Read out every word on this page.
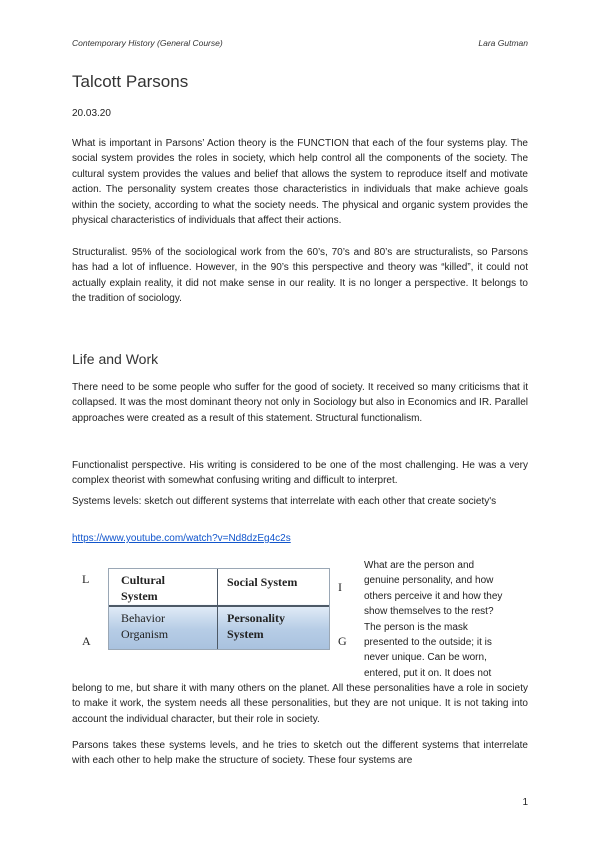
Contemporary History (General Course)	Lara Gutman
Talcott Parsons
20.03.20
What is important in Parsons’ Action theory is the FUNCTION that each of the four systems play. The social system provides the roles in society, which help control all the components of the society. The cultural system provides the values and belief that allows the system to reproduce itself and motivate action. The personality system creates those characteristics in individuals that make achieve goals within the society, according to what the society needs. The physical and organic system provides the physical characteristics of individuals that affect their actions.
Structuralist. 95% of the sociological work from the 60’s, 70’s and 80’s are structuralists, so Parsons has had a lot of influence. However, in the 90’s this perspective and theory was “killed”, it could not actually explain reality, it did not make sense in our reality. It is no longer a perspective. It belongs to the tradition of sociology.
Life and Work
There need to be some people who suffer for the good of society. It received so many criticisms that it collapsed. It was the most dominant theory not only in Sociology but also in Economics and IR. Parallel approaches were created as a result of this statement. Structural functionalism.
Functionalist perspective. His writing is considered to be one of the most challenging. He was a very complex theorist with somewhat confusing writing and difficult to interpret.
Systems levels: sketch out different systems that interrelate with each other that create society's
https://www.youtube.com/watch?v=Nd8dzEg4c2s
L
I
A	G
Cultural
System
Social System
Behavior
Organism
Personality
System
What are the person and
genuine personality, and how
others perceive it and how they
show themselves to the rest?
The person is the mask
presented to the outside; it is
never unique. Can be worn,
entered, put it on. It does not
belong to me, but share it with many others on the planet. All these personalities have a role in society to make it work, the system needs all these personalities, but they are not unique. It is not taking into account the individual character, but their role in society.
Parsons takes these systems levels, and he tries to sketch out the different systems that interrelate with each other to help make the structure of society. These four systems are
1
